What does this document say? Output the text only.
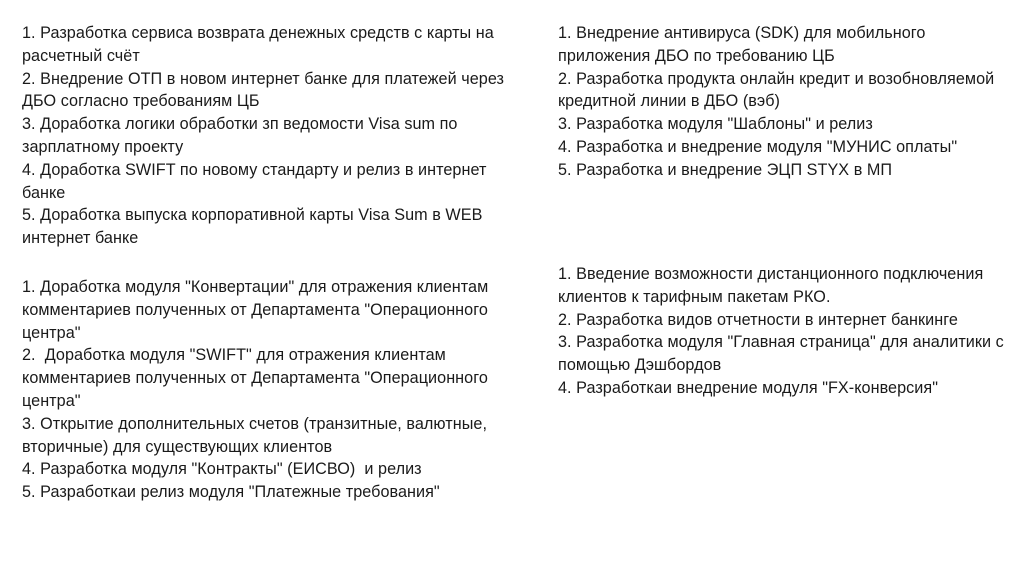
1. Разработка сервиса возврата денежных средств с карты на расчетный счёт
2. Внедрение ОТП в новом интернет банке для платежей через ДБО согласно требованиям ЦБ
3. Доработка логики обработки зп ведомости Visa sum по зарплатному проекту
4. Доработка SWIFT по новому стандарту и релиз в интернет банке
5. Доработка выпуска корпоративной карты Visa Sum в WEB интернет банке
1. Доработка модуля "Конвертации" для отражения клиентам комментариев полученных от Департамента "Операционного центра"
2.  Доработка модуля "SWIFT" для отражения клиентам комментариев полученных от Департамента "Операционного центра"
3. Открытие дополнительных счетов (транзитные, валютные, вторичные) для существующих клиентов
4. Разработка модуля "Контракты" (ЕИСВО)  и релиз
5. Разработкаи релиз модуля "Платежные требования"
1. Внедрение антивируса (SDK) для мобильного приложения ДБО по требованию ЦБ
2. Разработка продукта онлайн кредит и возобновляемой кредитной линии в ДБО (вэб)
3. Разработка модуля "Шаблоны" и релиз
4. Разработка и внедрение модуля "МУНИС оплаты"
5. Разработка и внедрение ЭЦП STYX в МП
1. Введение возможности дистанционного подключения клиентов к тарифным пакетам РКО.
2. Разработка видов отчетности в интернет банкинге
3. Разработка модуля "Главная страница" для аналитики с помощью Дэшбордов
4. Разработкаи внедрение модуля "FX-конверсия"
